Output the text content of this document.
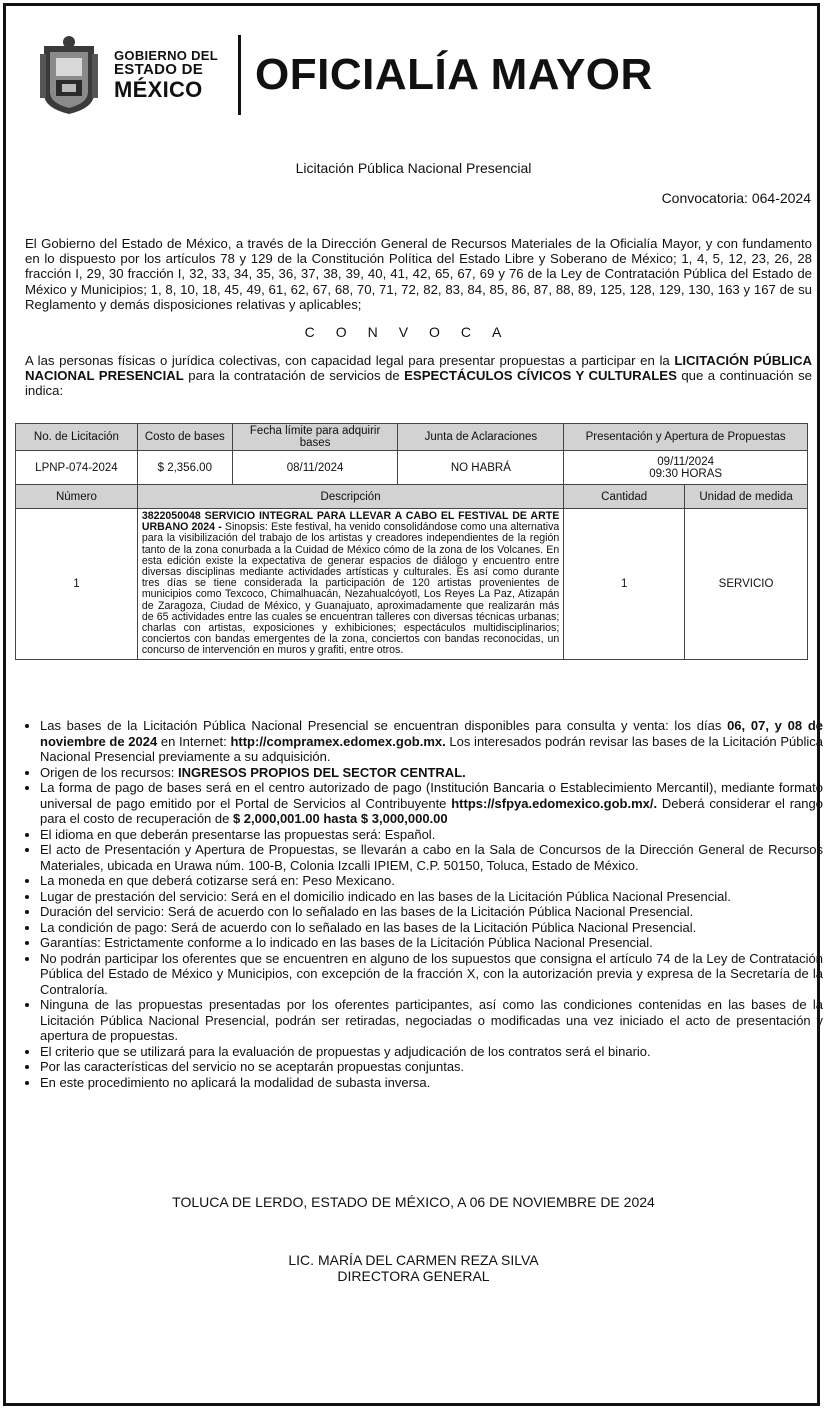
GOBIERNO DEL
ESTADO DE
MÉXICO	OFICIALÍA MAYOR
Licitación Pública Nacional Presencial
Convocatoria: 064-2024
El Gobierno del Estado de México, a través de la Dirección General de Recursos Materiales de la Oficialía Mayor, y con fundamento en lo dispuesto por los artículos 78 y 129 de la Constitución Política del Estado Libre y Soberano de México; 1, 4, 5, 12, 23, 26, 28 fracción I, 29, 30 fracción I, 32, 33, 34, 35, 36, 37, 38, 39, 40, 41, 42, 65, 67, 69 y 76 de la Ley de Contratación Pública del Estado de México y Municipios; 1, 8, 10, 18, 45, 49, 61, 62, 67, 68, 70, 71, 72, 82, 83, 84, 85, 86, 87, 88, 89, 125, 128, 129, 130, 163 y 167 de su Reglamento y demás disposiciones relativas y aplicables;
CONVOCA
A las personas físicas o jurídica colectivas, con capacidad legal para presentar propuestas a participar en la LICITACIÓN PÚBLICA NACIONAL PRESENCIAL para la contratación de servicios de ESPECTÁCULOS CÍVICOS Y CULTURALES que a continuación se indica:
No. de Licitación	Costo de bases	Fecha límite para adquirir bases	Junta de Aclaraciones	Presentación y Apertura de Propuestas	
LPNP-074-2024	$ 2,356.00	08/11/2024	NO HABRÁ	09/11/2024
09:30 HORAS	

Número	Descripción			Cantidad	Unidad de medida
1	3822050048 SERVICIO INTEGRAL PARA LLEVAR A CABO EL FESTIVAL DE ARTE URBANO 2024 - Sinopsis: Este festival, ha venido consolidándose como una alternativa para la visibilización del trabajo de los artistas y creadores independientes de la región tanto de la zona conurbada a la Cuidad de México cómo de la zona de los Volcanes. En esta edición existe la expectativa de generar espacios de diálogo y encuentro entre diversas disciplinas mediante actividades artísticas y culturales. Es así como durante tres días se tiene considerada la participación de 120 artistas provenientes de municipios como Texcoco, Chimalhuacán, Nezahualcóyotl, Los Reyes La Paz, Atizapán de Zaragoza, Ciudad de México, y Guanajuato, aproximadamente que realizarán más de 65 actividades entre las cuales se encuentran talleres con diversas técnicas urbanas; charlas con artistas, exposiciones y exhibiciones; espectáculos multidisciplinarios; conciertos con bandas emergentes de la zona, conciertos con bandas reconocidas, un concurso de intervención en muros y grafiti, entre otros.			1	SERVICIO
• Las bases de la Licitación Pública Nacional Presencial se encuentran disponibles para consulta y venta: los días 06, 07, y 08 de noviembre de 2024 en Internet: http://compramex.edomex.gob.mx. Los interesados podrán revisar las bases de la Licitación Pública Nacional Presencial previamente a su adquisición.
• Origen de los recursos: INGRESOS PROPIOS DEL SECTOR CENTRAL.
• La forma de pago de bases será en el centro autorizado de pago (Institución Bancaria o Establecimiento Mercantil), mediante formato universal de pago emitido por el Portal de Servicios al Contribuyente https://sfpya.edomexico.gob.mx/. Deberá considerar el rango para el costo de recuperación de $ 2,000,001.00 hasta $ 3,000,000.00
• El idioma en que deberán presentarse las propuestas será: Español.
• El acto de Presentación y Apertura de Propuestas, se llevarán a cabo en la Sala de Concursos de la Dirección General de Recursos Materiales, ubicada en Urawa núm. 100-B, Colonia Izcalli IPIEM, C.P. 50150, Toluca, Estado de México.
• La moneda en que deberá cotizarse será en: Peso Mexicano.
• Lugar de prestación del servicio: Será en el domicilio indicado en las bases de la Licitación Pública Nacional Presencial.
• Duración del servicio: Será de acuerdo con lo señalado en las bases de la Licitación Pública Nacional Presencial.
• La condición de pago: Será de acuerdo con lo señalado en las bases de la Licitación Pública Nacional Presencial.
• Garantías: Estrictamente conforme a lo indicado en las bases de la Licitación Pública Nacional Presencial.
• No podrán participar los oferentes que se encuentren en alguno de los supuestos que consigna el artículo 74 de la Ley de Contratación Pública del Estado de México y Municipios, con excepción de la fracción X, con la autorización previa y expresa de la Secretaría de la Contraloría.
• Ninguna de las propuestas presentadas por los oferentes participantes, así como las condiciones contenidas en las bases de la Licitación Pública Nacional Presencial, podrán ser retiradas, negociadas o modificadas una vez iniciado el acto de presentación y apertura de propuestas.
• El criterio que se utilizará para la evaluación de propuestas y adjudicación de los contratos será el binario.
• Por las características del servicio no se aceptarán propuestas conjuntas.
• En este procedimiento no aplicará la modalidad de subasta inversa.
TOLUCA DE LERDO, ESTADO DE MÉXICO, A 06 DE NOVIEMBRE DE 2024
LIC. MARÍA DEL CARMEN REZA SILVA
DIRECTORA GENERAL
